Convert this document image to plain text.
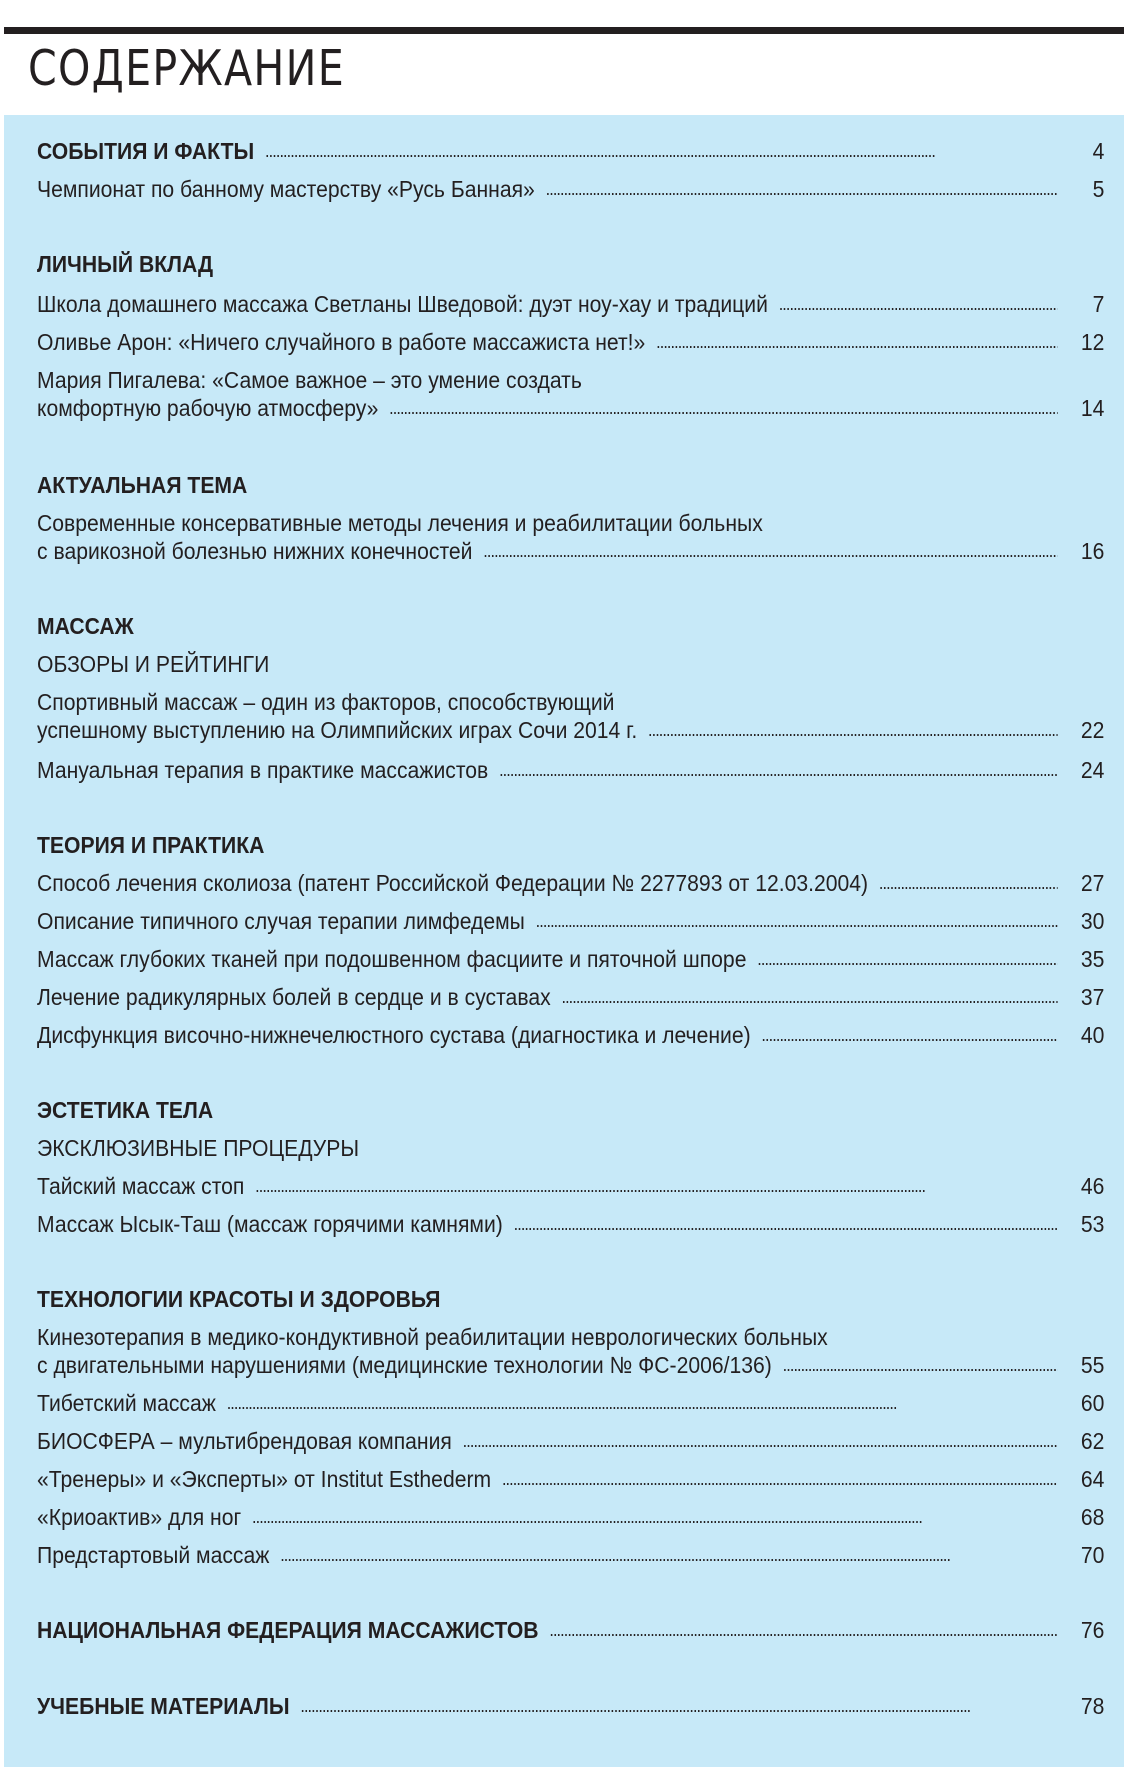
СОДЕРЖАНИЕ
СОБЫТИЯ И ФАКТЫ . . .	4
Чемпионат по банному мастерству «Русь Банная» . . .	5
ЛИЧНЫЙ ВКЛАД
Школа домашнего массажа Светланы Шведовой: дуэт ноу-хау и традиций . . .	7
Оливье Арон: «Ничего случайного в работе массажиста нет!» . . .	12
Мария Пигалева: «Самое важное – это умение создать
комфортную рабочую атмосферу» . . .	14
АКТУАЛЬНАЯ ТЕМА
Современные консервативные методы лечения и реабилитации больных
с варикозной болезнью нижних конечностей . . .	16
МАССАЖ
ОБЗОРЫ И РЕЙТИНГИ
Спортивный массаж – один из факторов, способствующий
успешному выступлению на Олимпийских играх Сочи 2014 г. . . .	22
Мануальная терапия в практике массажистов . . .	24
ТЕОРИЯ И ПРАКТИКА
Способ лечения сколиоза (патент Российской Федерации № 2277893 от 12.03.2004) . . .	27
Описание типичного случая терапии лимфедемы . . .	30
Массаж глубоких тканей при подошвенном фасциите и пяточной шпоре . . .	35
Лечение радикулярных болей в сердце и в суставах . . .	37
Дисфункция височно-нижнечелюстного сустава (диагностика и лечение) . . .	40
ЭСТЕТИКА ТЕЛА
ЭКСКЛЮЗИВНЫЕ ПРОЦЕДУРЫ
Тайский массаж стоп . . .	46
Массаж Ысык-Таш (массаж горячими камнями) . . .	53
ТЕХНОЛОГИИ КРАСОТЫ И ЗДОРОВЬЯ
Кинезотерапия в медико-кондуктивной реабилитации неврологических больных
с двигательными нарушениями (медицинские технологии № ФС-2006/136) . . .	55
Тибетский массаж . . .	60
БИОСФЕРА – мультибрендовая компания . . .	62
«Тренеры» и «Эксперты» от Institut Esthederm . . .	64
«Криоактив» для ног . . .	68
Предстартовый массаж . . .	70
НАЦИОНАЛЬНАЯ ФЕДЕРАЦИЯ МАССАЖИСТОВ . . .	76
УЧЕБНЫЕ МАТЕРИАЛЫ . . .	78
